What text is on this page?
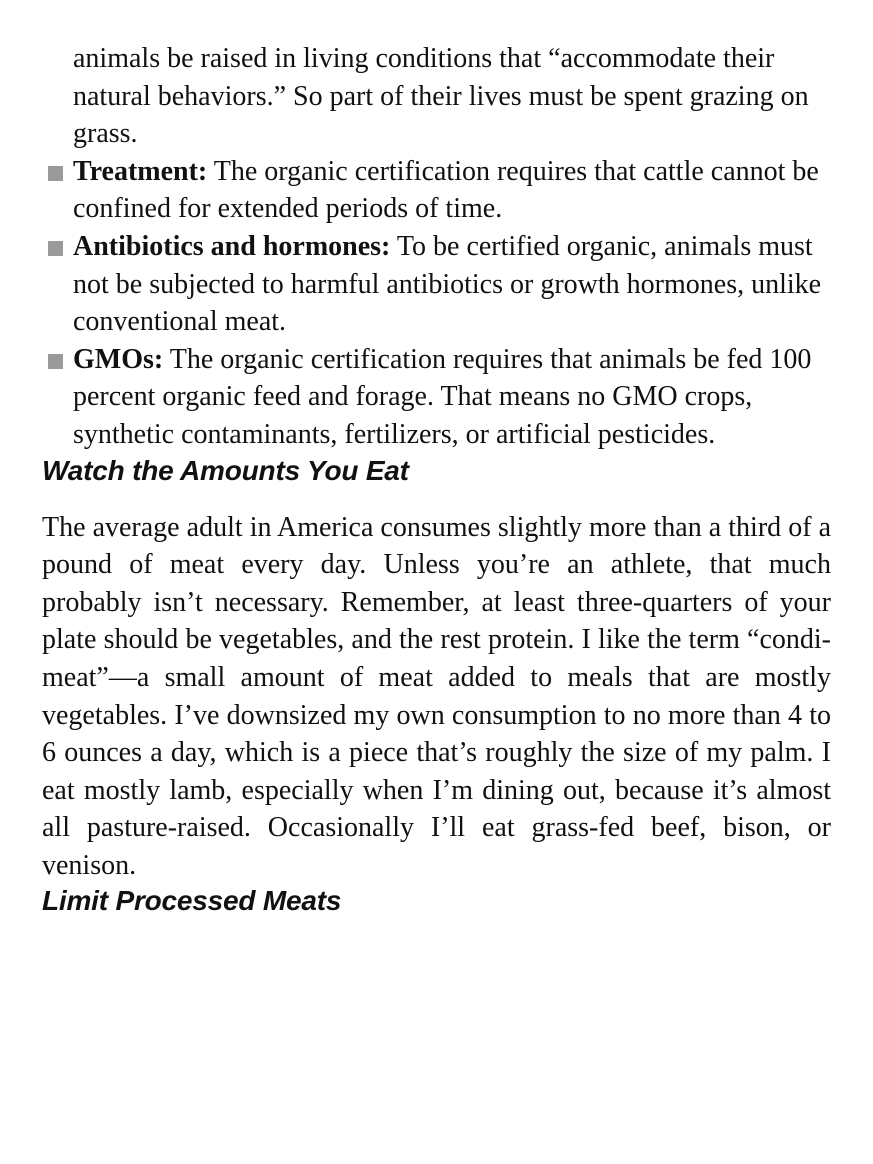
animals be raised in living conditions that “accommodate their natural behaviors.” So part of their lives must be spent grazing on grass.

Treatment: The organic certification requires that cattle cannot be confined for extended periods of time.
Antibiotics and hormones: To be certified organic, animals must not be subjected to harmful antibiotics or growth hormones, unlike conventional meat.
GMOs: The organic certification requires that animals be fed 100 percent organic feed and forage. That means no GMO crops, synthetic contaminants, fertilizers, or artificial pesticides.
Watch the Amounts You Eat

The average adult in America consumes slightly more than a third of a pound of meat every day. Unless you’re an athlete, that much probably isn’t necessary. Remember, at least three-quarters of your plate should be vegetables, and the rest protein. I like the term “condi-meat”—a small amount of meat added to meals that are mostly vegetables. I’ve downsized my own consumption to no more than 4 to 6 ounces a day, which is a piece that’s roughly the size of my palm. I eat mostly lamb, especially when I’m dining out, because it’s almost all pasture-raised. Occasionally I’ll eat grass-fed beef, bison, or venison.

Limit Processed Meats
